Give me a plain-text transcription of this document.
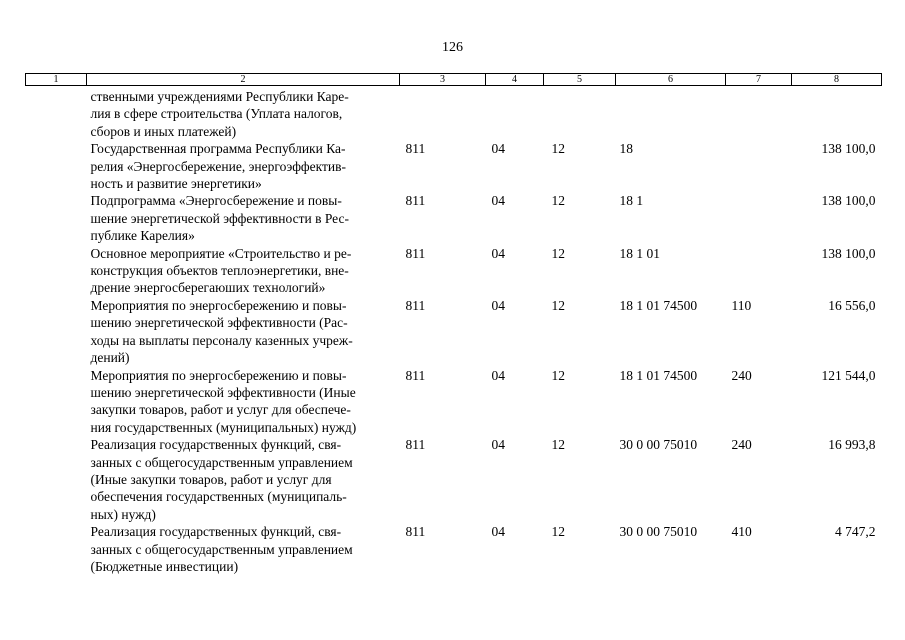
126
1	2	3	4	5	6	7	8
	ственными учреждениями Республики Каре-
лия в сфере строительства (Уплата налогов,
сборов и иных платежей)						
	Государственная программа Республики Ка-
релия «Энергосбережение, энергоэффектив-
ность и развитие энергетики»	811	04	12	18		138 100,0
	Подпрограмма «Энергосбережение и повы-
шение энергетической эффективности в Рес-
публике Карелия»	811	04	12	18 1		138 100,0
	Основное мероприятие «Строительство и ре-
конструкция объектов теплоэнергетики, вне-
дрение энергосберегаюших технологий»	811	04	12	18 1 01		138 100,0
	Мероприятия по энергосбережению и повы-
шению энергетической эффективности (Рас-
ходы на выплаты персоналу казенных учреж-
дений)	811	04	12	18 1 01 74500	110	16 556,0
	Мероприятия по энергосбережению и повы-
шению энергетической эффективности (Иные
закупки товаров, работ и услуг для обеспече-
ния государственных (муниципальных) нужд)	811	04	12	18 1 01 74500	240	121 544,0
	Реализация государственных функций, свя-
занных с общегосударственным управлением
(Иные закупки товаров, работ и услуг для
обеспечения государственных (муниципаль-
ных) нужд)	811	04	12	30 0 00 75010	240	16 993,8
	Реализация государственных функций, свя-
занных с общегосударственным управлением
(Бюджетные инвестиции)	811	04	12	30 0 00 75010	410	4 747,2
